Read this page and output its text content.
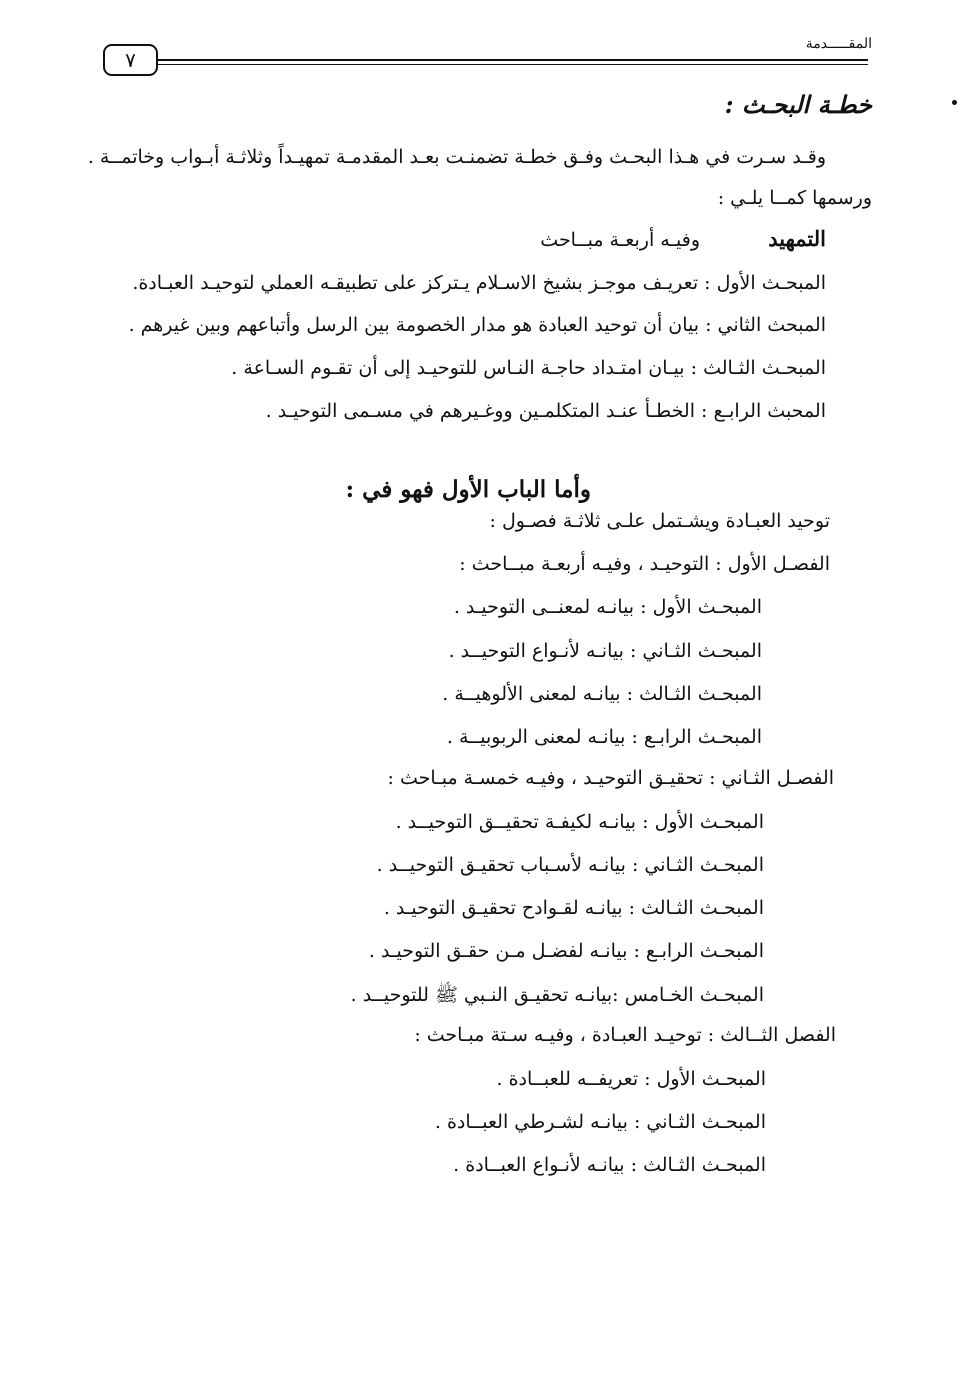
٧
المقـــــدمة
خطـة البحـث :
وقـد سـرت في هـذا البحـث وفـق خطـة تضمنـت بعـد المقدمـة تمهيـداً وثلاثـة أبـواب وخاتمــة .
ورسمها كمــا يلـي :
التمهيد
وفيـه أربعـة مبــاحث
المبحـث الأول : تعريـف موجـز بشيخ الاسـلام يـتركز على تطبيقـه العملي لتوحيـد العبـادة.
المبحث الثاني : بيان أن توحيد العبادة هو مدار الخصومة بين الرسل وأتباعهم وبين غيرهم .
المبحـث الثـالث : بيـان امتـداد حاجـة النـاس للتوحيـد إلى أن تقـوم السـاعة .
المحبث الرابـع : الخطـأ عنـد المتكلمـين ووغـيرهم في مسـمى التوحيـد .
وأما الباب الأول فهو في :
توحيد العبـادة ويشـتمل علـى ثلاثـة فصـول :
الفصـل الأول : التوحيـد ، وفيـه أربعـة مبــاحث :
المبحـث الأول : بيانـه لمعنــى التوحيـد .
المبحـث الثـاني : بيانـه لأنـواع التوحيــد .
المبحـث الثـالث : بيانـه لمعنى الألوهيــة .
المبحـث الرابـع : بيانـه لمعنى الربوبيــة .
الفصـل الثـاني : تحقيـق التوحيـد ، وفيـه خمسـة مبـاحث :
المبحـث الأول : بيانـه لكيفـة تحقيــق التوحيــد .
المبحـث الثـاني : بيانـه لأسـباب تحقيـق التوحيــد .
المبحـث الثـالث : بيانـه لقـوادح تحقيـق التوحيـد .
المبحـث الرابـع : بيانـه لفضـل مـن حقـق التوحيـد .
المبحـث الخـامس :بيانـه تحقيـق النـبي ﷺ للتوحيــد .
الفصل الثــالث : توحيـد العبـادة ، وفيـه سـتة مبـاحث :
المبحـث الأول : تعريفــه للعبــادة .
المبحـث الثـاني : بيانـه لشـرطي العبــادة .
المبحـث الثـالث : بيانـه لأنـواع العبــادة .
